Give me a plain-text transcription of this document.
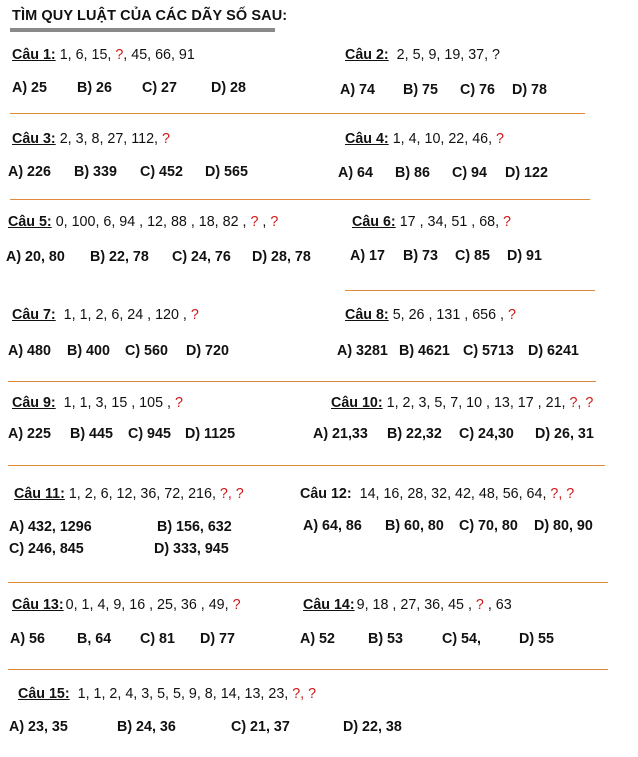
TÌM QUY LUẬT CỦA CÁC DÃY SỐ SAU:
Câu 1: 1, 6, 15, ?, 45, 66, 91
A) 25 B) 26 C) 27 D) 28
Câu 2: 2, 5, 9, 19, 37, ?
A) 74 B) 75 C) 76 D) 78
Câu 3: 2, 3, 8, 27, 112, ?
A) 226 B) 339 C) 452 D) 565
Câu 4: 1, 4, 10, 22, 46, ?
A) 64 B) 86 C) 94 D) 122
Câu 5: 0, 100, 6, 94 , 12, 88 , 18, 82 , ? , ?
A) 20, 80 B) 22, 78 C) 24, 76 D) 28, 78
Câu 6: 17 , 34, 51 , 68, ?
A) 17 B) 73 C) 85 D) 91
Câu 7: 1, 1, 2, 6, 24 , 120 , ?
A) 480 B) 400 C) 560 D) 720
Câu 8: 5, 26 , 131 , 656 , ?
A) 3281 B) 4621 C) 5713 D) 6241
Câu 9: 1, 1, 3, 15 , 105 , ?
A) 225 B) 445 C) 945 D) 1125
Câu 10: 1, 2, 3, 5, 7, 10 , 13, 17 , 21, ?, ?
A) 21,33 B) 22,32 C) 24,30 D) 26, 31
Câu 11: 1, 2, 6, 12, 36, 72, 216, ?, ?
A) 432, 1296	B) 156, 632
C) 246, 845	D) 333, 945
Câu 12: 14, 16, 28, 32, 42, 48, 56, 64, ?, ?
A) 64, 86 B) 60, 80 C) 70, 80 D) 80, 90
Câu 13: 0, 1, 4, 9, 16 , 25, 36 , 49, ?
A) 56 B, 64 C) 81 D) 77
Câu 14: 9, 18 , 27, 36, 45 , ? , 63
A) 52 B) 53	C) 54,	D) 55
Câu 15: 1, 1, 2, 4, 3, 5, 5, 9, 8, 14, 13, 23, ?, ?
A) 23, 35	B) 24, 36	C) 21, 37	D) 22, 38
